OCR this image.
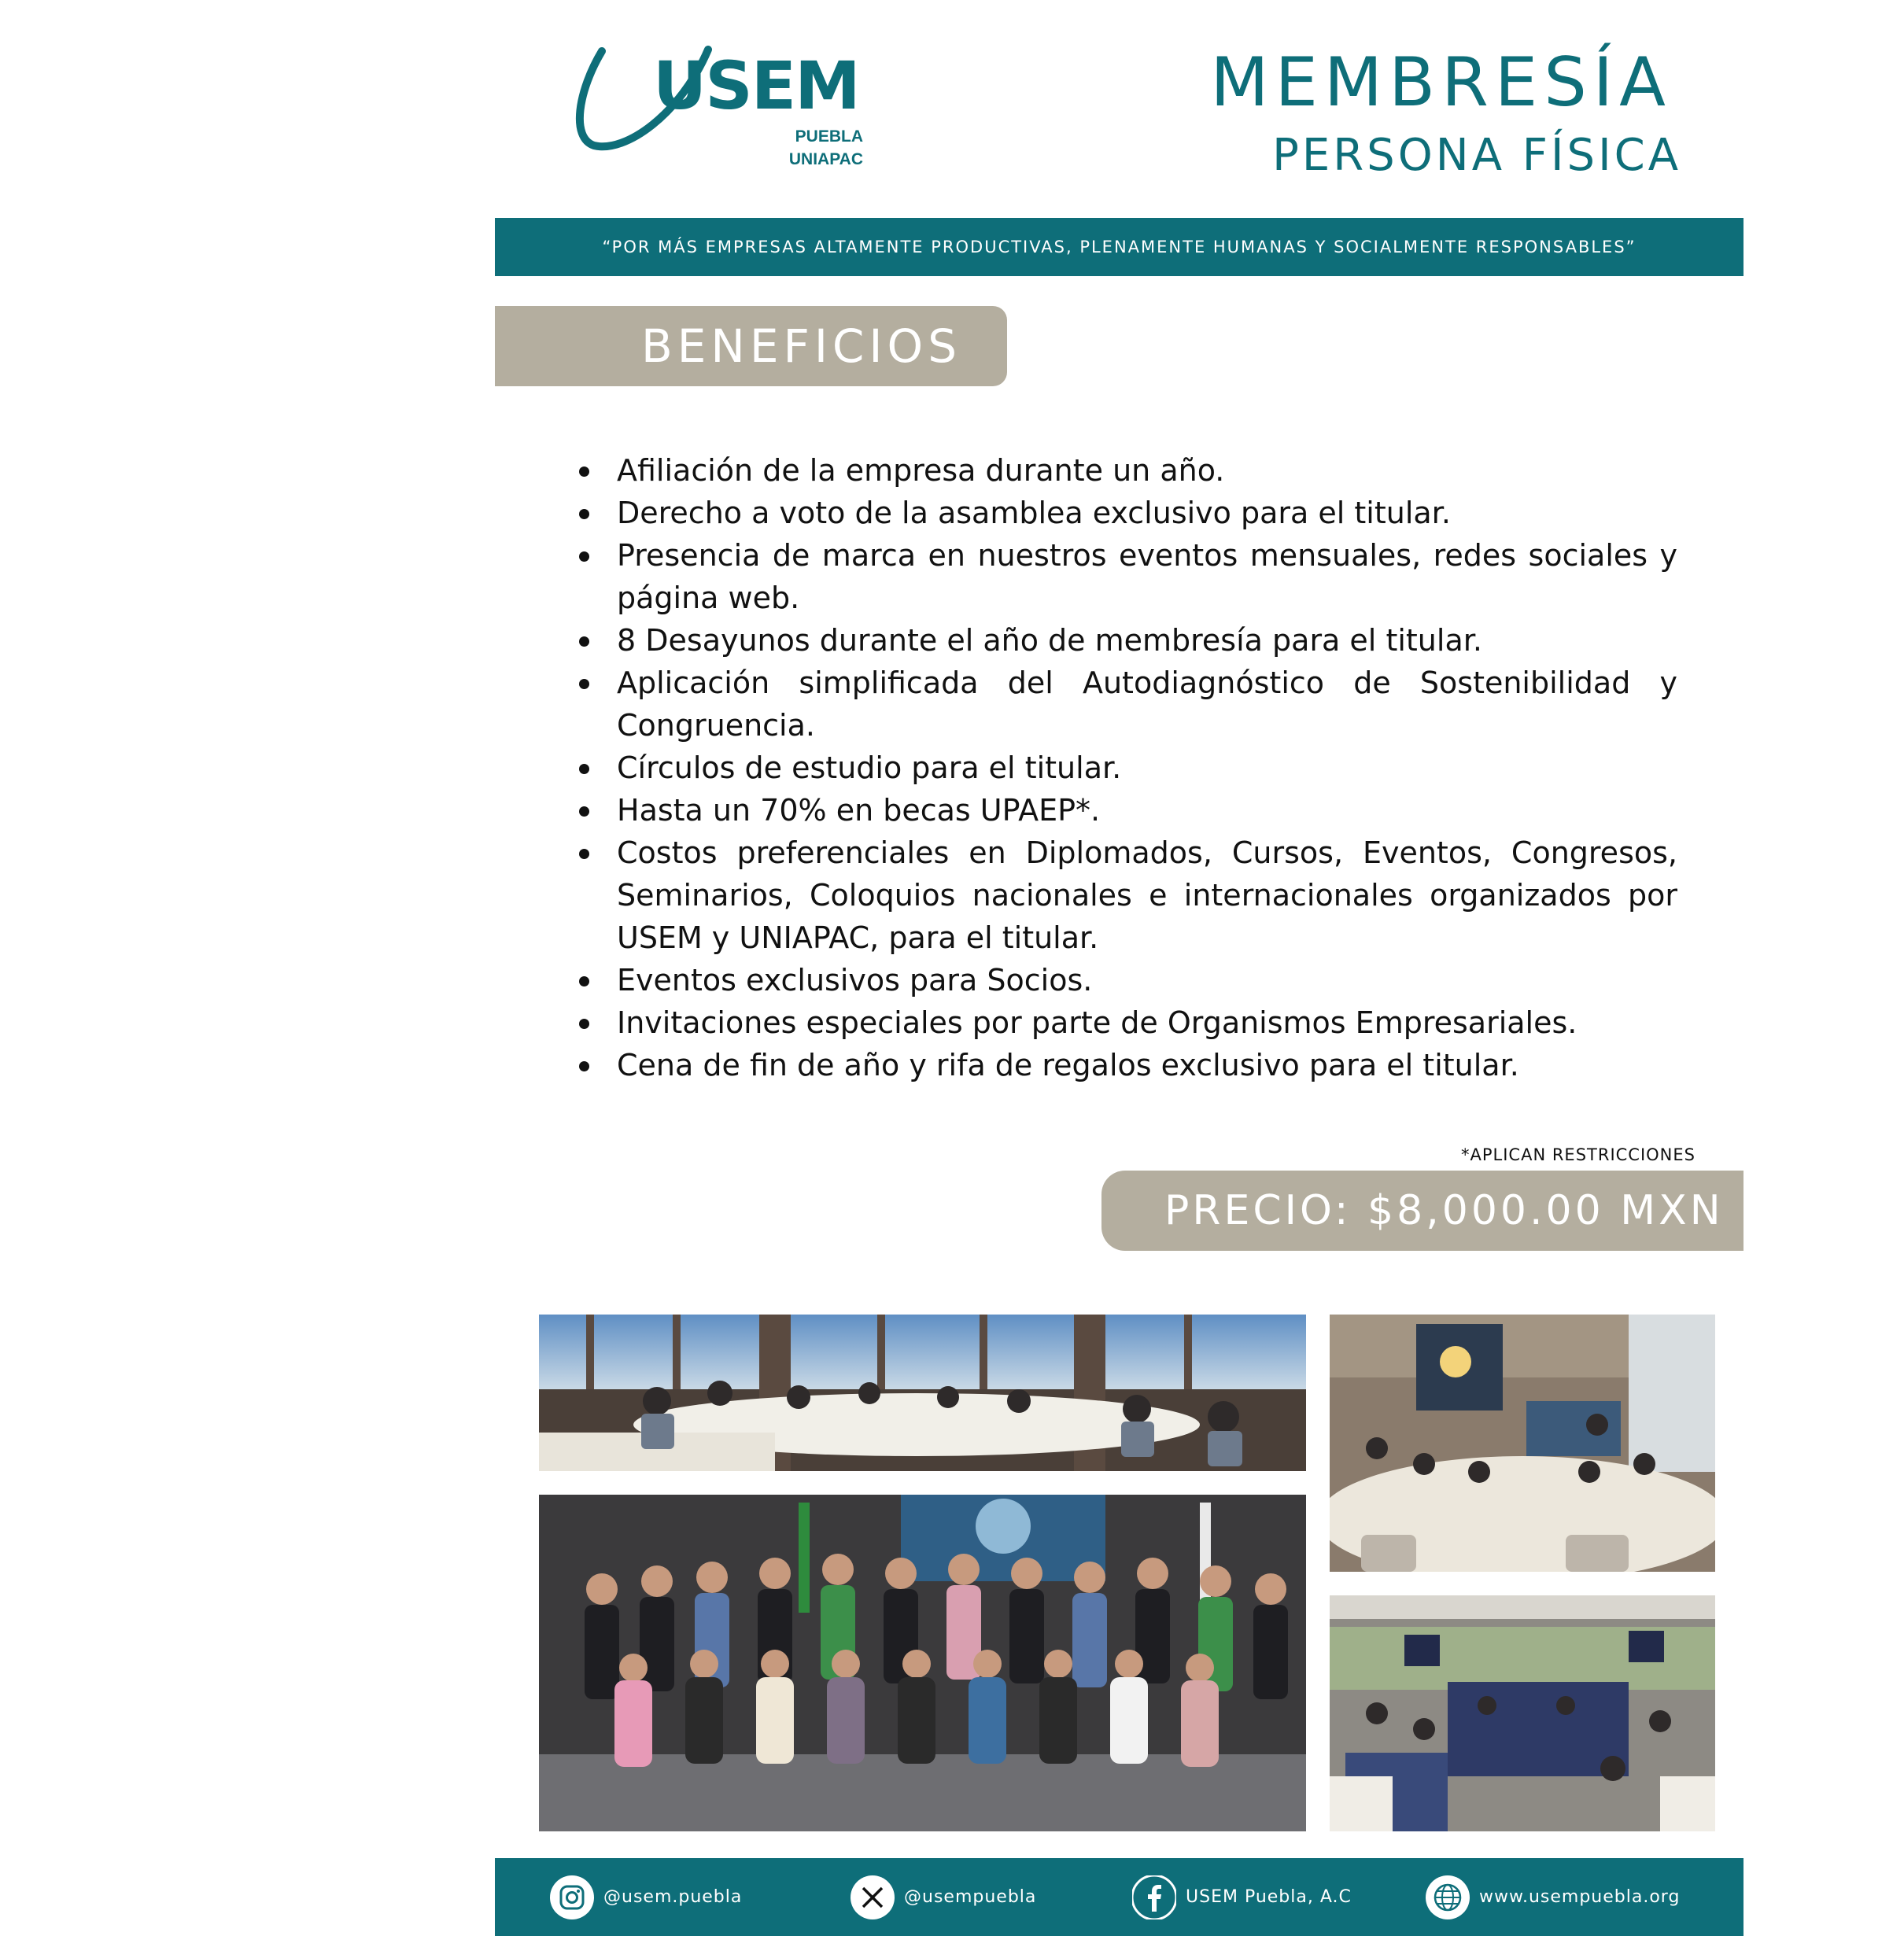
USEM
PUEBLA
UNIAPAC
MEMBRESÍA
PERSONA FÍSICA
“POR MÁS EMPRESAS ALTAMENTE PRODUCTIVAS, PLENAMENTE HUMANAS Y SOCIALMENTE RESPONSABLES”
BENEFICIOS
Afiliación de la empresa durante un año.
Derecho a voto de la asamblea exclusivo para el titular.
Presencia de marca en nuestros eventos mensuales, redes sociales y página web.
8 Desayunos durante el año de membresía para el titular.
Aplicación simplificada del Autodiagnóstico de Sostenibilidad y Congruencia.
Círculos de estudio para el titular.
Hasta un 70% en becas UPAEP*.
Costos preferenciales en Diplomados, Cursos, Eventos, Congresos, Seminarios, Coloquios nacionales e internacionales organizados por USEM y UNIAPAC, para el titular.
Eventos exclusivos para Socios.
Invitaciones especiales por parte de Organismos Empresariales.
Cena de fin de año y rifa de regalos exclusivo para el titular.
*APLICAN RESTRICCIONES
PRECIO: $8,000.00 MXN
@usem.puebla	@usempuebla	USEM Puebla, A.C	www.usempuebla.org
